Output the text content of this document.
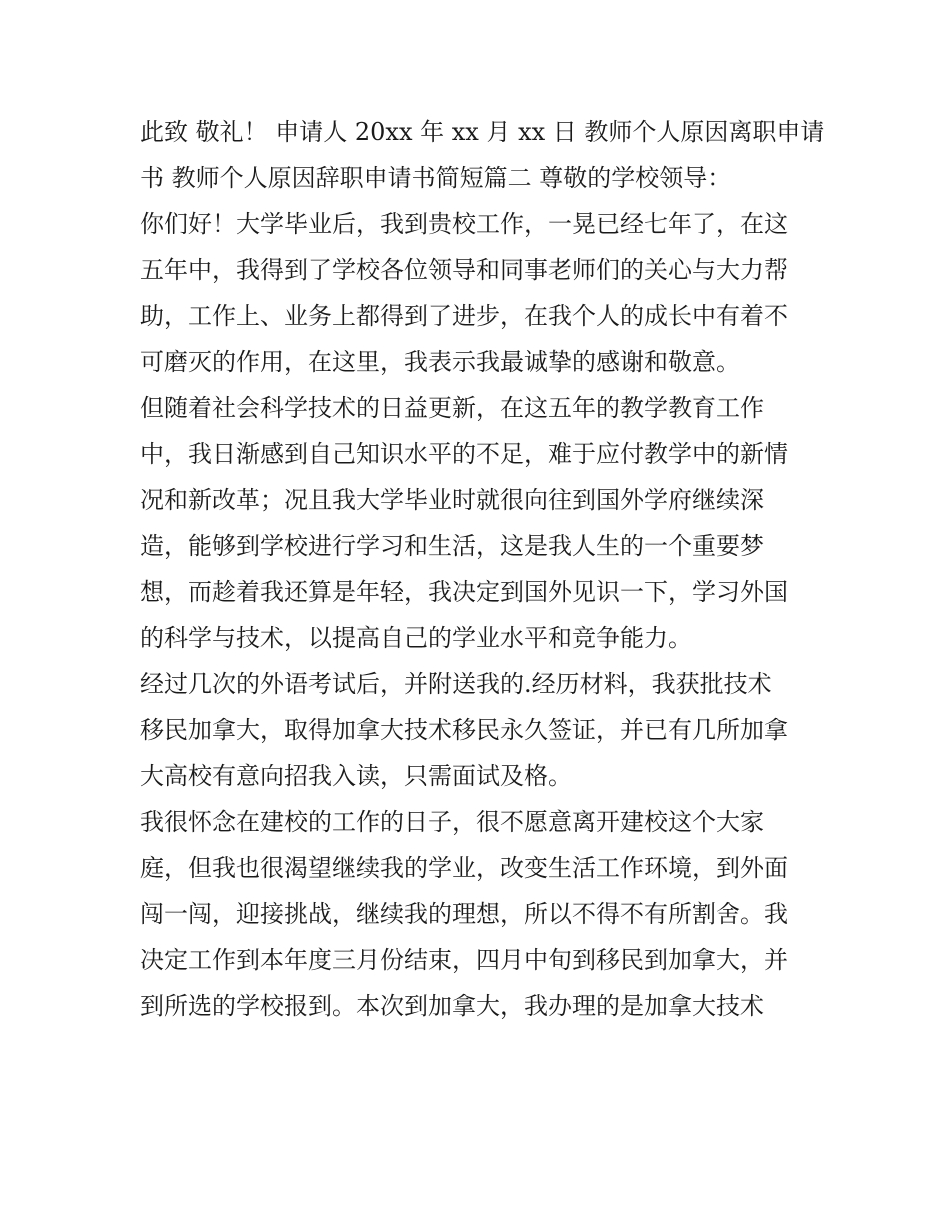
此致 敬礼！ 申请人 20xx 年 xx 月 xx 日 教师个人原因离职申请
书 教师个人原因辞职申请书简短篇二 尊敬的学校领导：
你们好！大学毕业后，我到贵校工作，一晃已经七年了，在这
五年中，我得到了学校各位领导和同事老师们的关心与大力帮
助，工作上、业务上都得到了进步，在我个人的成长中有着不
可磨灭的作用，在这里，我表示我最诚挚的感谢和敬意。
但随着社会科学技术的日益更新，在这五年的教学教育工作
中，我日渐感到自己知识水平的不足，难于应付教学中的新情
况和新改革；况且我大学毕业时就很向往到国外学府继续深
造，能够到学校进行学习和生活，这是我人生的一个重要梦
想，而趁着我还算是年轻，我决定到国外见识一下，学习外国
的科学与技术，以提高自己的学业水平和竞争能力。
经过几次的外语考试后，并附送我的.经历材料，我获批技术
移民加拿大，取得加拿大技术移民永久签证，并已有几所加拿
大高校有意向招我入读，只需面试及格。
我很怀念在建校的工作的日子，很不愿意离开建校这个大家
庭，但我也很渴望继续我的学业，改变生活工作环境，到外面
闯一闯，迎接挑战，继续我的理想，所以不得不有所割舍。我
决定工作到本年度三月份结束，四月中旬到移民到加拿大，并
到所选的学校报到。本次到加拿大，我办理的是加拿大技术
